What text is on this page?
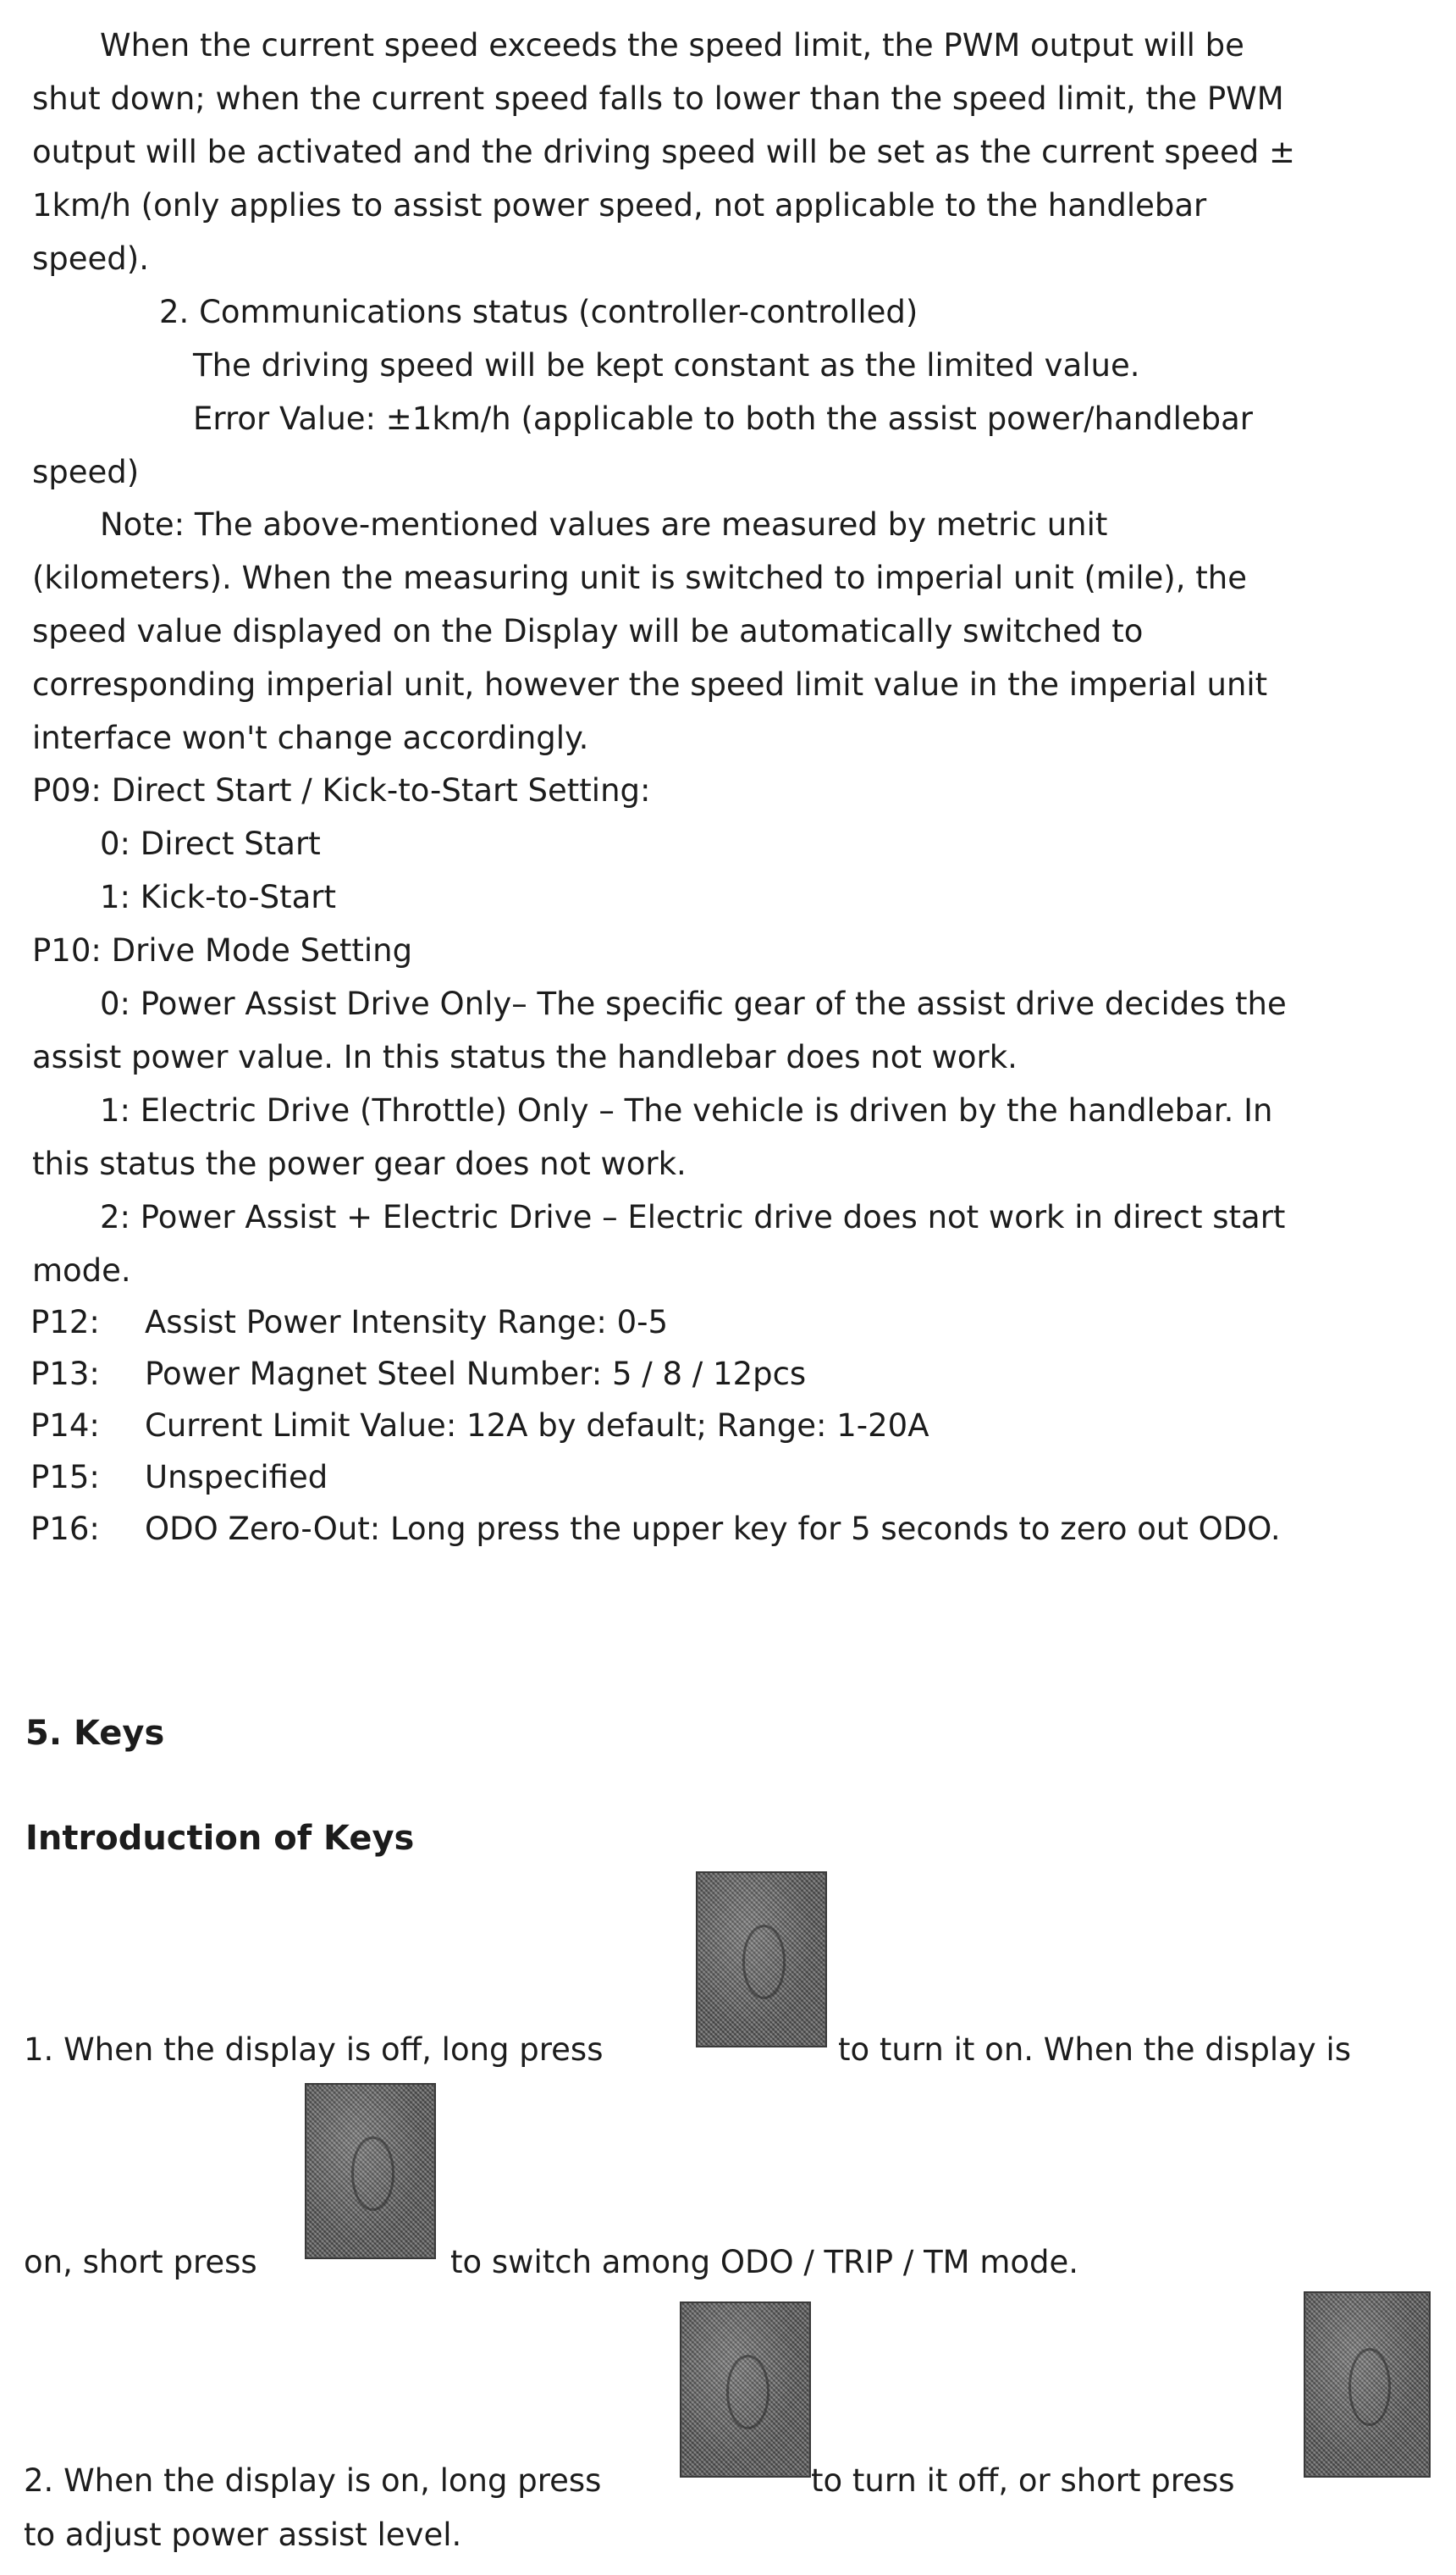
When the current speed exceeds the speed limit, the PWM output will be
shut down; when the current speed falls to lower than the speed limit, the PWM
output will be activated and the driving speed will be set as the current speed ±
1km/h (only applies to assist power speed, not applicable to the handlebar
speed).
2. Communications status (controller-controlled)
The driving speed will be kept constant as the limited value.
Error Value: ±1km/h (applicable to both the assist power/handlebar
speed)
Note: The above-mentioned values are measured by metric unit
(kilometers). When the measuring unit is switched to imperial unit (mile), the
speed value displayed on the Display will be automatically switched to
corresponding imperial unit, however the speed limit value in the imperial unit
interface won't change accordingly.
P09: Direct Start / Kick-to-Start Setting:
0: Direct Start
1: Kick-to-Start
P10: Drive Mode Setting
0: Power Assist Drive Only– The specific gear of the assist drive decides the
assist power value. In this status the handlebar does not work.
1: Electric Drive (Throttle) Only – The vehicle is driven by the handlebar. In
this status the power gear does not work.
2: Power Assist + Electric Drive – Electric drive does not work in direct start
mode.
P12: Assist Power Intensity Range: 0-5
P13: Power Magnet Steel Number: 5 / 8 / 12pcs
P14: Current Limit Value: 12A by default; Range: 1-20A
P15: Unspecified
P16: ODO Zero-Out: Long press the upper key for 5 seconds to zero out ODO.
5. Keys
Introduction of Keys
1. When the display is off, long press	to turn it on. When the display is
on, short press	to switch among ODO / TRIP / TM mode.
2. When the display is on, long press	to turn it off, or short press
to adjust power assist level.
